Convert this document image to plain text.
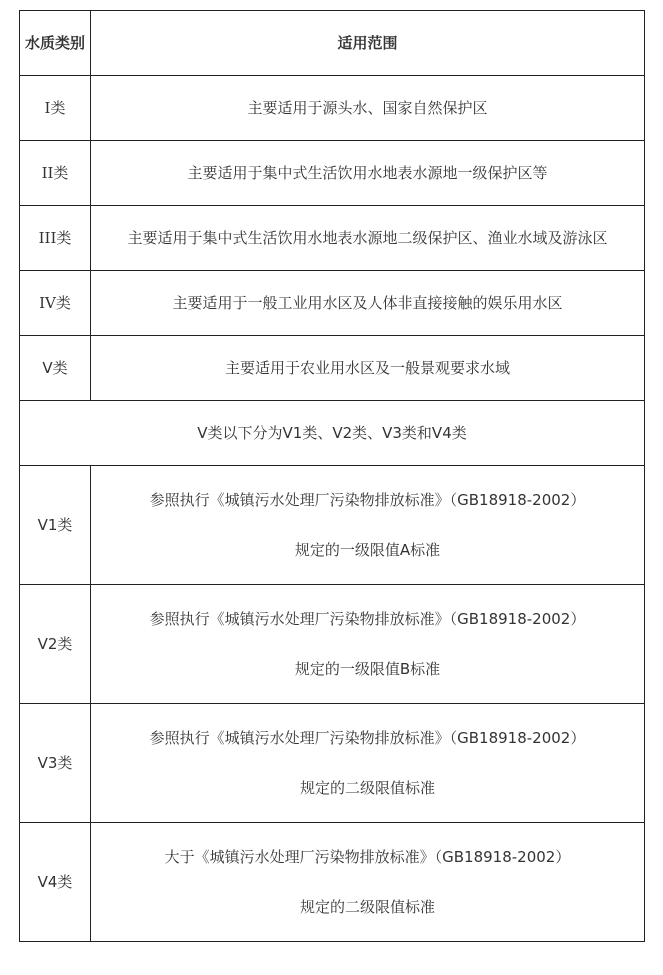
水质类别	适用范围
I类	主要适用于源头水、国家自然保护区
II类	主要适用于集中式生活饮用水地表水源地一级保护区等
III类	主要适用于集中式生活饮用水地表水源地二级保护区、渔业水域及游泳区
IV类	主要适用于一般工业用水区及人体非直接接触的娱乐用水区
V类	主要适用于农业用水区及一般景观要求水域
V类以下分为V1类、V2类、V3类和V4类	
V1类	参照执行《城镇污水处理厂污染物排放标准》（GB18918-2002）
规定的一级限值A标准

V2类	参照执行《城镇污水处理厂污染物排放标准》（GB18918-2002）
规定的一级限值B标准

V3类	参照执行《城镇污水处理厂污染物排放标准》（GB18918-2002）
规定的二级限值标准

V4类	大于《城镇污水处理厂污染物排放标准》（GB18918-2002）
规定的二级限值标准
